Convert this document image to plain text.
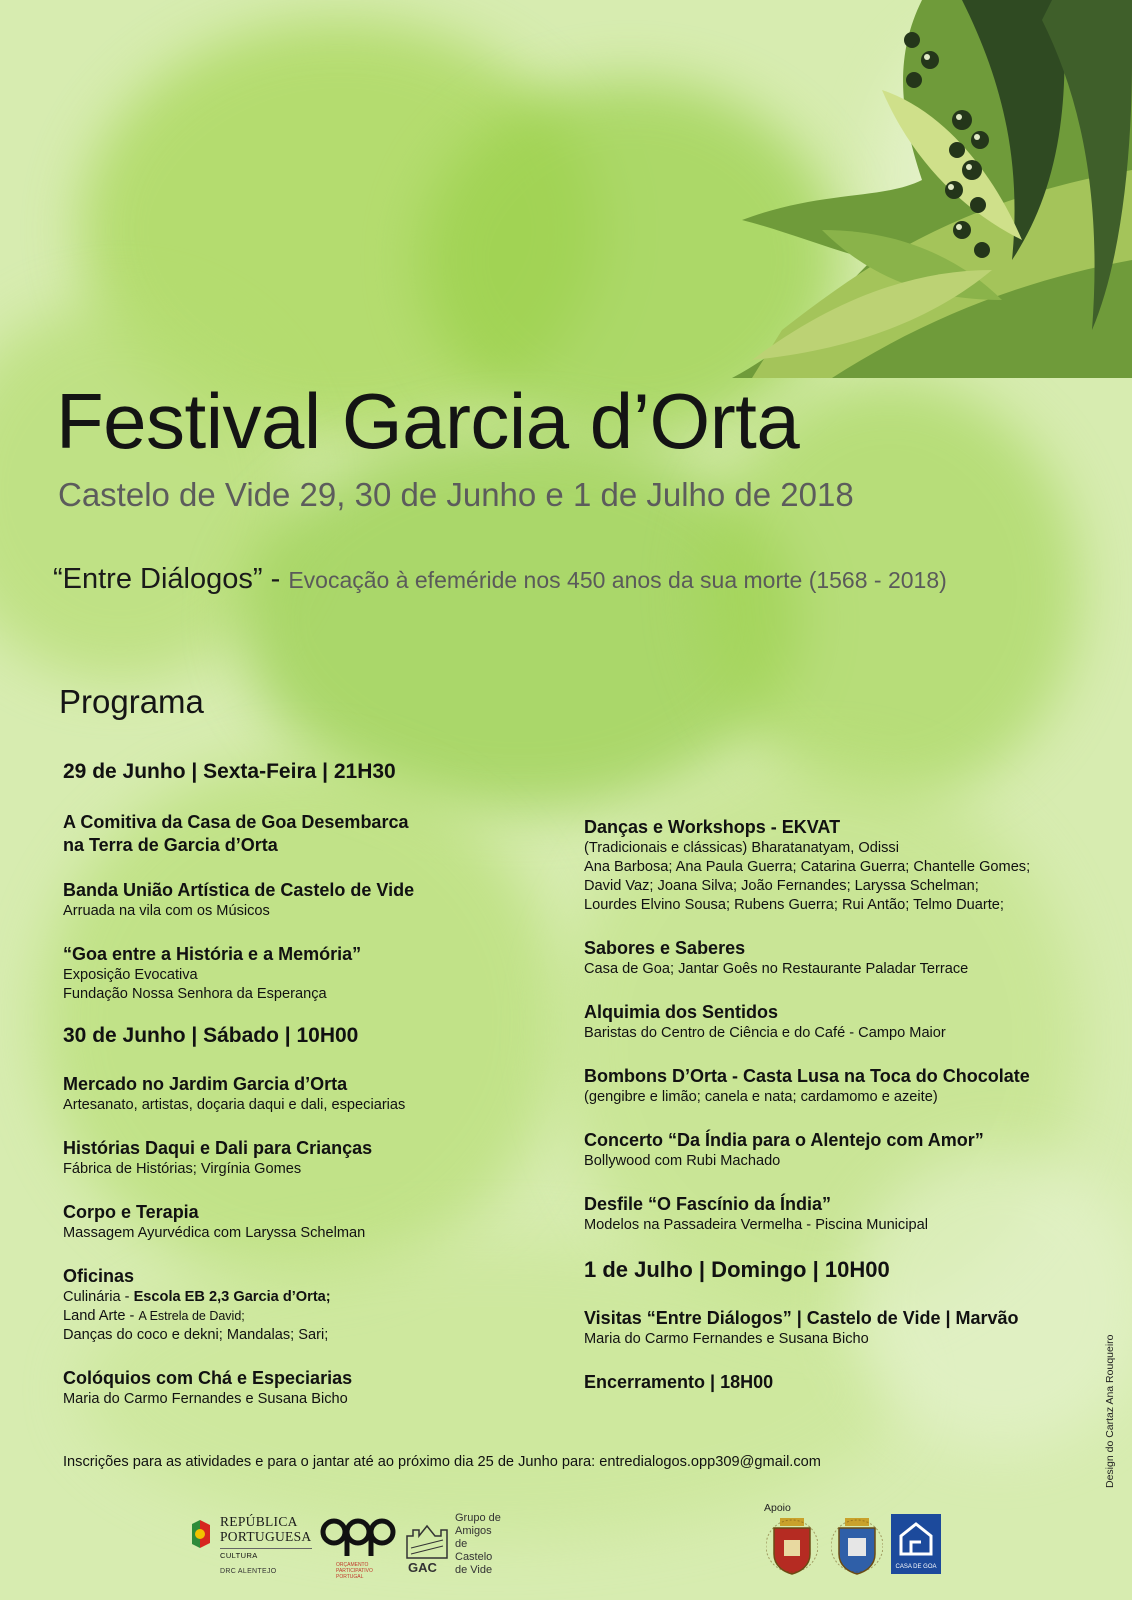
Festival Garcia d’Orta
Castelo de Vide 29, 30 de Junho e 1 de Julho de 2018
“Entre Diálogos” - Evocação à efeméride nos 450 anos da sua morte (1568 - 2018)
Programa
29 de Junho | Sexta-Feira | 21H30
A Comitiva da Casa de Goa Desembarca
na Terra de Garcia d’Orta
Banda União Artística de Castelo de Vide
Arruada na vila com os Músicos
“Goa entre a História e a Memória”
Exposição Evocativa
Fundação Nossa Senhora da Esperança
30 de Junho | Sábado | 10H00
Mercado no Jardim Garcia d’Orta
Artesanato, artistas, doçaria daqui e dali, especiarias
Histórias Daqui e Dali para Crianças
Fábrica de Histórias; Virgínia Gomes
Corpo e Terapia
Massagem Ayurvédica com Laryssa Schelman
Oficinas
Culinária - Escola EB 2,3 Garcia d’Orta;
Land Arte - A Estrela de David;
Danças do coco e dekni; Mandalas; Sari;
Colóquios com Chá e Especiarias
Maria do Carmo Fernandes e Susana Bicho
Danças e Workshops - EKVAT
(Tradicionais e clássicas) Bharatanatyam, Odissi
Ana Barbosa; Ana Paula Guerra; Catarina Guerra; Chantelle Gomes;
David Vaz; Joana Silva; João Fernandes; Laryssa Schelman;
Lourdes Elvino Sousa; Rubens Guerra; Rui Antão; Telmo Duarte;
Sabores e Saberes
Casa de Goa; Jantar Goês no Restaurante Paladar Terrace
Alquimia dos Sentidos
Baristas do Centro de Ciência e do Café - Campo Maior
Bombons D’Orta - Casta Lusa na Toca do Chocolate
(gengibre e limão; canela e nata; cardamomo e azeite)
Concerto “Da Índia para o Alentejo com Amor”
Bollywood com Rubi Machado
Desfile “O Fascínio da Índia”
Modelos na Passadeira Vermelha - Piscina Municipal
1 de Julho | Domingo | 10H00
Visitas “Entre Diálogos” | Castelo de Vide | Marvão
Maria do Carmo Fernandes e Susana Bicho
Encerramento | 18H00
Inscrições para as atividades e para o jantar até ao próximo dia 25 de Junho para: entredialogos.opp309@gmail.com	Design do Cartaz Ana Rouqueiro
REPÚBLICA
PORTUGUESA
CULTURA
DRC ALENTEJO
ORÇAMENTO
PARTICIPATIVO
PORTUGAL
GAC
Grupo de
Amigos
de
Castelo
de Vide
Apoio
CASA DE GOA
